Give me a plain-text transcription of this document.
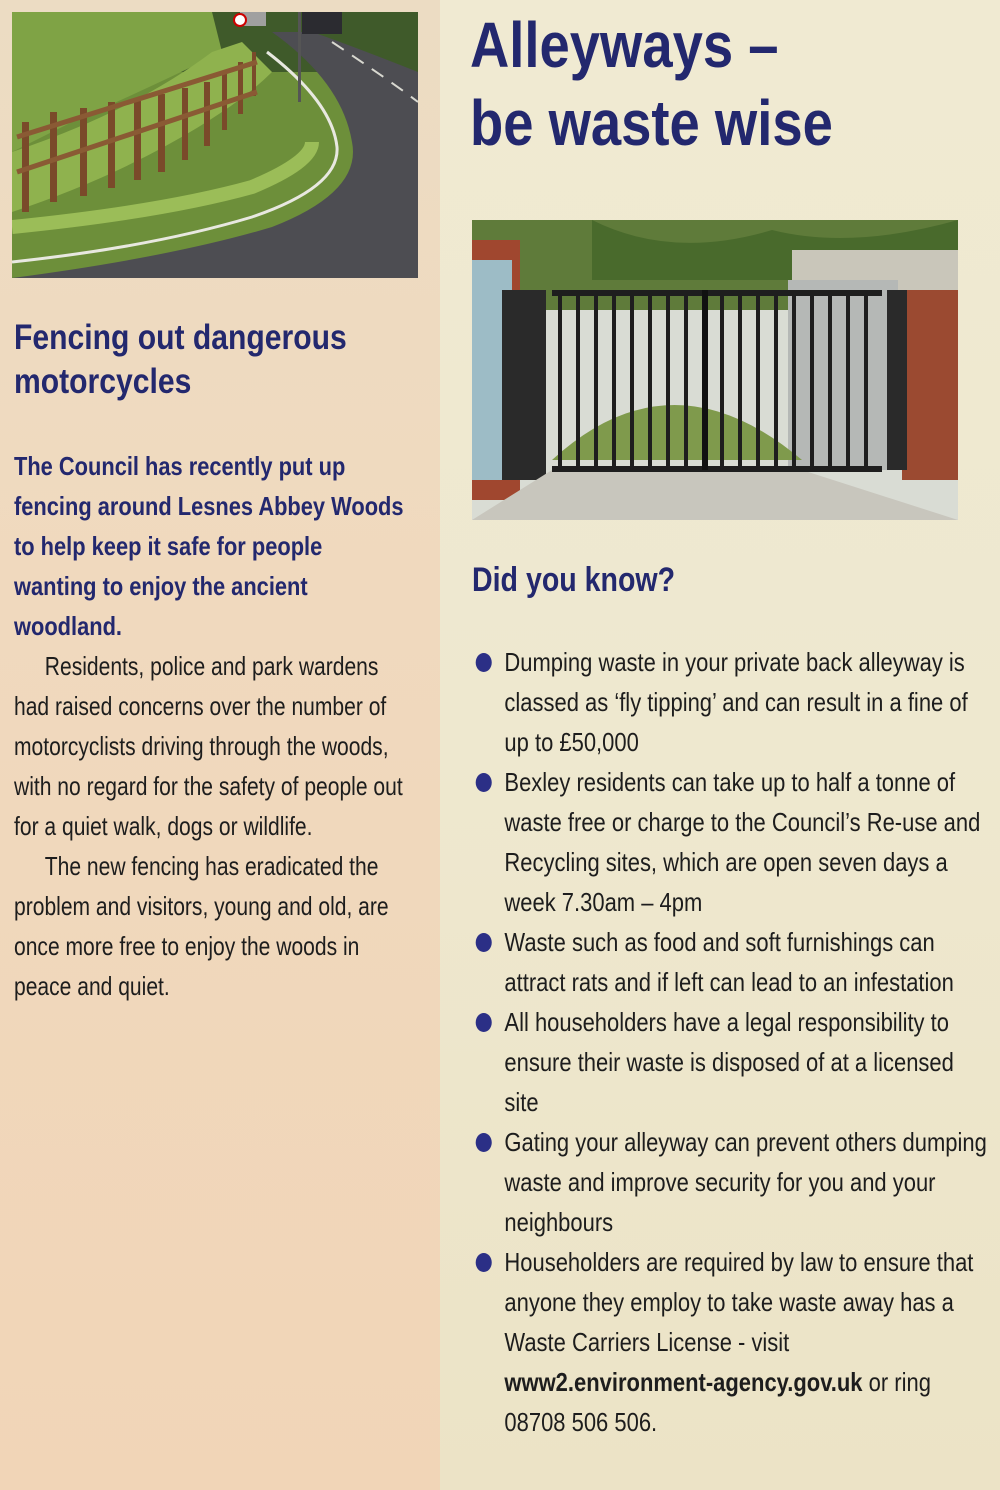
Fencing out dangerous motorcycles
The Council has recently put up fencing around Lesnes Abbey Woods to help keep it safe for people wanting to enjoy the ancient woodland.

Residents, police and park wardens had raised concerns over the number of motorcyclists driving through the woods, with no regard for the safety of people out for a quiet walk, dogs or wildlife.

The new fencing has eradicated the problem and visitors, young and old, are once more free to enjoy the woods in peace and quiet.

Alleyways –
be waste wise
Did you know?
Dumping waste in your private back alleyway is classed as ‘fly tipping’ and can result in a fine of up to £50,000
Bexley residents can take up to half a tonne of waste free or charge to the Council’s Re-use and Recycling sites, which are open seven days a week 7.30am – 4pm
Waste such as food and soft furnishings can attract rats and if left can lead to an infestation
All householders have a legal responsibility to ensure their waste is disposed of at a licensed site
Gating your alleyway can prevent others dumping waste and improve security for you and your neighbours
Householders are required by law to ensure that anyone they employ to take waste away has a Waste Carriers License - visit
www2.environment-agency.gov.uk or ring 08708 506 506.
